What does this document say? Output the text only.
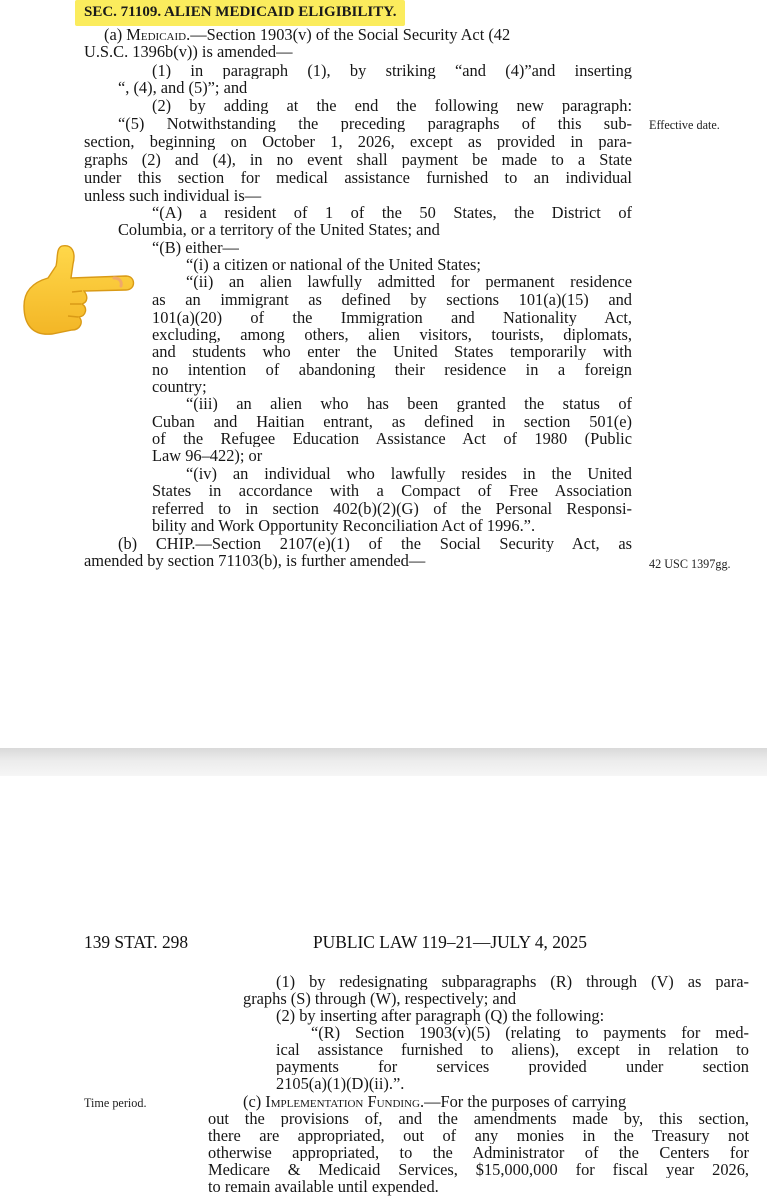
SEC. 71109. ALIEN MEDICAID ELIGIBILITY.
(a) Medicaid.—Section 1903(v) of the Social Security Act (42
U.S.C. 1396b(v)) is amended—
(1) in paragraph (1), by striking “and (4)”and inserting
“, (4), and (5)”; and
(2) by adding at the end the following new paragraph:
“(5) Notwithstanding the preceding paragraphs of this sub-
section, beginning on October 1, 2026, except as provided in para-
graphs (2) and (4), in no event shall payment be made to a State
under this section for medical assistance furnished to an individual
unless such individual is—
“(A) a resident of 1 of the 50 States, the District of
Columbia, or a territory of the United States; and
“(B) either—
“(i) a citizen or national of the United States;
“(ii) an alien lawfully admitted for permanent residence
as an immigrant as defined by sections 101(a)(15) and
101(a)(20) of the Immigration and Nationality Act,
excluding, among others, alien visitors, tourists, diplomats,
and students who enter the United States temporarily with
no intention of abandoning their residence in a foreign
country;
“(iii) an alien who has been granted the status of
Cuban and Haitian entrant, as defined in section 501(e)
of the Refugee Education Assistance Act of 1980 (Public
Law 96–422); or
“(iv) an individual who lawfully resides in the United
States in accordance with a Compact of Free Association
referred to in section 402(b)(2)(G) of the Personal Responsi-
bility and Work Opportunity Reconciliation Act of 1996.”.
(b) CHIP.—Section 2107(e)(1) of the Social Security Act, as
amended by section 71103(b), is further amended—
Effective date.
42 USC 1397gg.
139 STAT. 298	PUBLIC LAW 119–21—JULY 4, 2025
(1) by redesignating subparagraphs (R) through (V) as para-
graphs (S) through (W), respectively; and
(2) by inserting after paragraph (Q) the following:
“(R) Section 1903(v)(5) (relating to payments for med-
ical assistance furnished to aliens), except in relation to
payments for services provided under section
2105(a)(1)(D)(ii).”.
(c) Implementation Funding.—For the purposes of carrying
out the provisions of, and the amendments made by, this section,
there are appropriated, out of any monies in the Treasury not
otherwise appropriated, to the Administrator of the Centers for
Medicare & Medicaid Services, $15,000,000 for fiscal year 2026,
to remain available until expended.
Time period.
